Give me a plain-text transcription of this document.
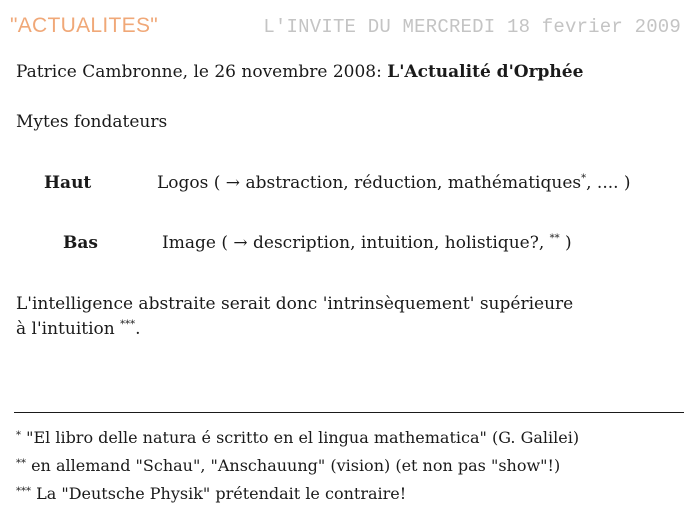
"ACTUALITES"	L'INVITE DU MERCREDI 18 fevrier 2009
Patrice Cambronne, le 26 novembre 2008: L'Actualité d'Orphée
Mytes fondateurs
Haut	Logos ( → abstraction, réduction, mathématiques*, .... )
Bas	Image ( → description, intuition, holistique?, ** )
L'intelligence abstraite serait donc 'intrinsèquement' supérieure
à l'intuition ***.
* "El libro delle natura é scritto en el lingua mathematica" (G. Galilei)
** en allemand "Schau", "Anschauung" (vision) (et non pas "show"!)
*** La "Deutsche Physik" prétendait le contraire!
